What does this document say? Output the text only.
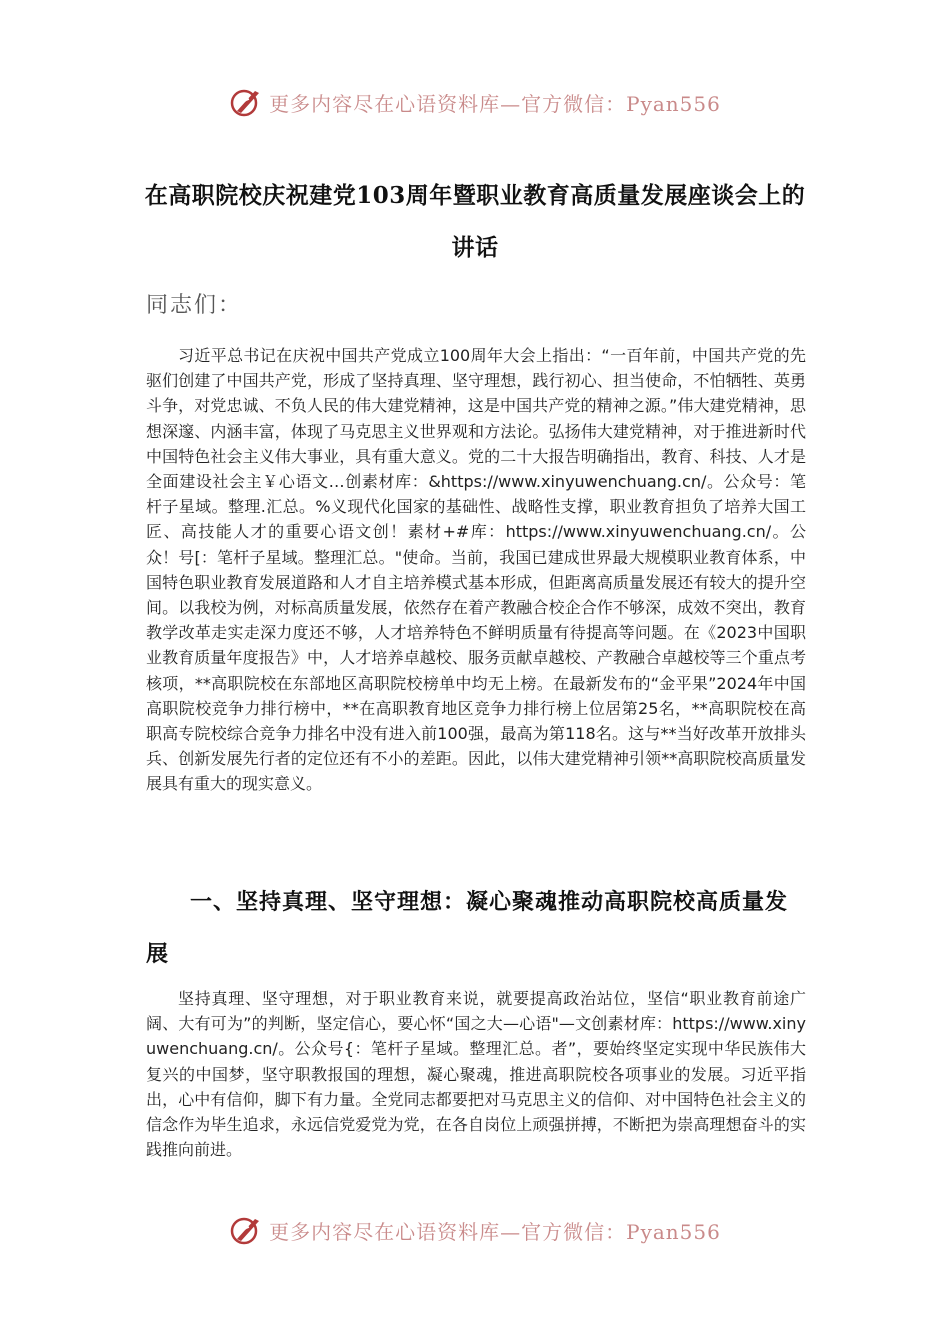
更多内容尽在心语资料库—官方微信：Pyan556
在高职院校庆祝建党103周年暨职业教育高质量发展座谈会上的讲话
同志们：

习近平总书记在庆祝中国共产党成立100周年大会上指出：“一百年前，中国共产党的先驱们创建了中国共产党，形成了坚持真理、坚守理想，践行初心、担当使命，不怕牺牲、英勇斗争，对党忠诚、不负人民的伟大建党精神，这是中国共产党的精神之源。”伟大建党精神，思想深邃、内涵丰富，体现了马克思主义世界观和方法论。弘扬伟大建党精神，对于推进新时代中国特色社会主义伟大事业，具有重大意义。党的二十大报告明确指出，教育、科技、人才是全面建设社会主￥心语文…创素材库：&https://www.xinyuwenchuang.cn/。公众号：笔杆子星域。整理.汇总。%义现代化国家的基础性、战略性支撑，职业教育担负了培养大国工匠、高技能人才的重要心语文创！素材+#库：https://www.xinyuwenchuang.cn/。公众！号[：笔杆子星域。整理汇总。"使命。当前，我国已建成世界最大规模职业教育体系，中国特色职业教育发展道路和人才自主培养模式基本形成，但距离高质量发展还有较大的提升空间。以我校为例，对标高质量发展，依然存在着产教融合校企合作不够深，成效不突出，教育教学改革走实走深力度还不够，人才培养特色不鲜明质量有待提高等问题。在《2023中国职业教育质量年度报告》中，人才培养卓越校、服务贡献卓越校、产教融合卓越校等三个重点考核项，**高职院校在东部地区高职院校榜单中均无上榜。在最新发布的“金平果”2024年中国高职院校竞争力排行榜中，**在高职教育地区竞争力排行榜上位居第25名，**高职院校在高职高专院校综合竞争力排名中没有进入前100强，最高为第118名。这与**当好改革开放排头兵、创新发展先行者的定位还有不小的差距。因此，以伟大建党精神引领**高职院校高质量发展具有重大的现实意义。

一、坚持真理、坚守理想：凝心聚魂推动高职院校高质量发展

坚持真理、坚守理想，对于职业教育来说，就要提高政治站位，坚信“职业教育前途广阔、大有可为”的判断，坚定信心，要心怀“国之大—心语"—文创素材库：https://www.xinyuwenchuang.cn/。公众号{：笔杆子星域。整理汇总。者”，要始终坚定实现中华民族伟大复兴的中国梦，坚守职教报国的理想，凝心聚魂，推进高职院校各项事业的发展。习近平指出，心中有信仰，脚下有力量。全党同志都要把对马克思主义的信仰、对中国特色社会主义的信念作为毕生追求，永远信党爱党为党，在各自岗位上顽强拼搏，不断把为崇高理想奋斗的实践推向前进。

更多内容尽在心语资料库—官方微信：Pyan556
